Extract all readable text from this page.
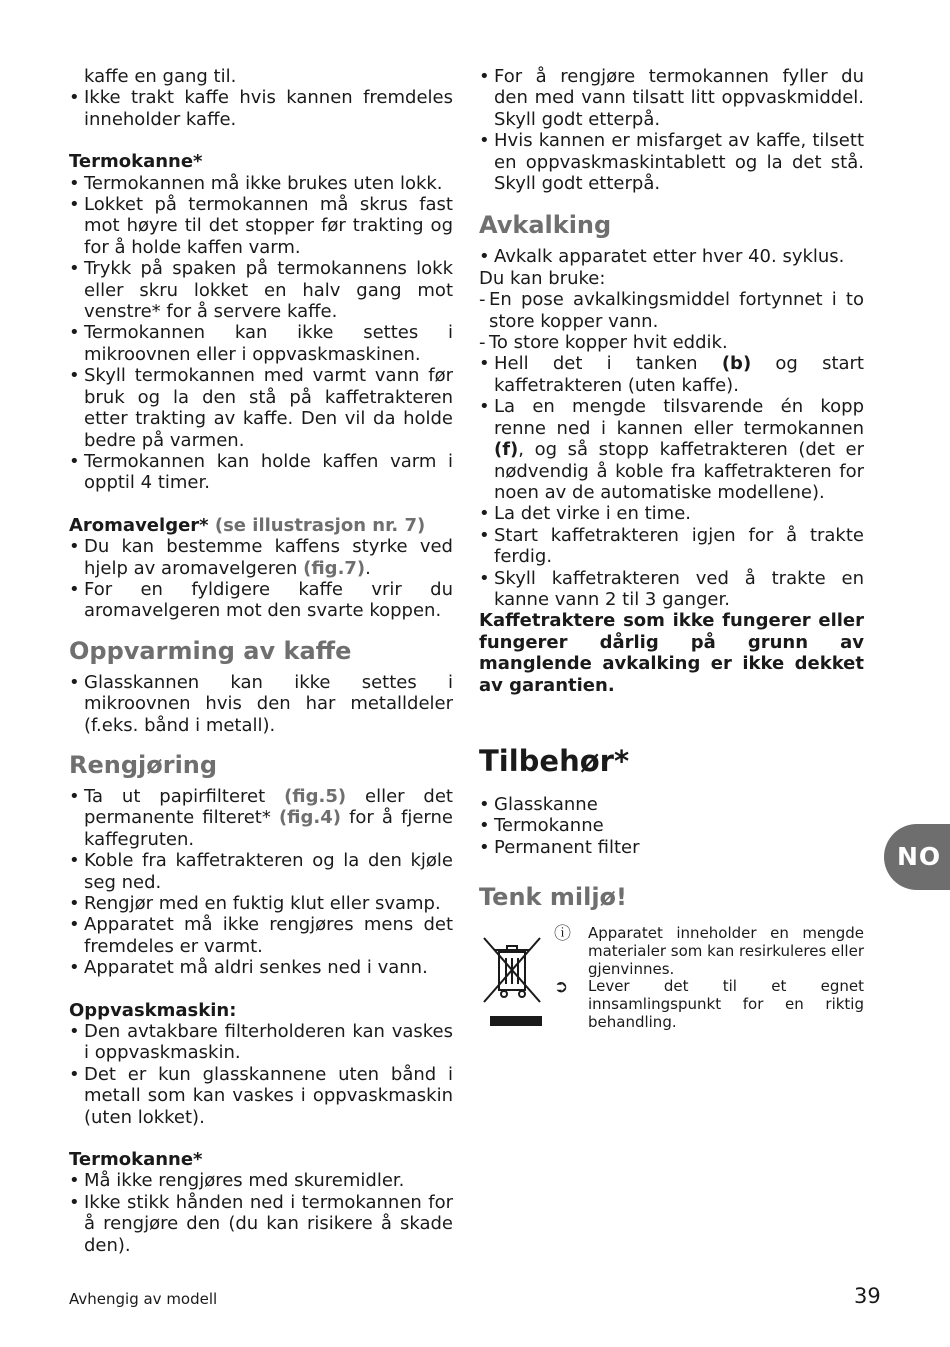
kaffe en gang til.

• Ikke trakt kaffe hvis kannen fremdeles inneholder kaffe.

Termokanne*

• Termokannen må ikke brukes uten lokk.
• Lokket på termokannen må skrus fast mot høyre til det stopper før trakting og for å holde kaffen varm.
• Trykk på spaken på termokannens lokk eller skru lokket en halv gang mot venstre* for å servere kaffe.
• Termokannen kan ikke settes i mikroovnen eller i oppvaskmaskinen.
• Skyll termokannen med varmt vann før bruk og la den stå på kaffetrakteren etter trakting av kaffe. Den vil da holde bedre på varmen.
• Termokannen kan holde kaffen varm i opptil 4 timer.

Aromavelger* (se illustrasjon nr. 7)

• Du kan bestemme kaffens styrke ved hjelp av aromavelgeren (fig.7).
• For en fyldigere kaffe vrir du aromavelgeren mot den svarte koppen.
Oppvarming av kaffe
• Glasskannen kan ikke settes i mikroovnen hvis den har metalldeler (f.eks. bånd i metall).
Rengjøring
• Ta ut papirfilteret (fig.5) eller det permanente filteret* (fig.4) for å fjerne kaffegruten.
• Koble fra kaffetrakteren og la den kjøle seg ned.
• Rengjør med en fuktig klut eller svamp.
• Apparatet må ikke rengjøres mens det fremdeles er varmt.
• Apparatet må aldri senkes ned i vann.

Oppvaskmaskin:

• Den avtakbare filterholderen kan vaskes i oppvaskmaskin.
• Det er kun glasskannene uten bånd i metall som kan vaskes i oppvaskmaskin (uten lokket).

Termokanne*

• Må ikke rengjøres med skuremidler.
• Ikke stikk hånden ned i termokannen for å rengjøre den (du kan risikere å skade den).
• For å rengjøre termokannen fyller du den med vann tilsatt litt oppvaskmiddel. Skyll godt etterpå.
• Hvis kannen er misfarget av kaffe, tilsett en oppvaskmaskintablett og la det stå. Skyll godt etterpå.
Avkalking
• Avkalk apparatet etter hver 40. syklus.

Du kan bruke:

- En pose avkalkingsmiddel fortynnet i to store kopper vann.
- To store kopper hvit eddik.
• Hell det i tanken (b) og start kaffetrakteren (uten kaffe).
• La en mengde tilsvarende én kopp renne ned i kannen eller termokannen (f), og så stopp kaffetrakteren (det er nødvendig å koble fra kaffetrakteren for noen av de automatiske modellene).
• La det virke i en time.
• Start kaffetrakteren igjen for å trakte ferdig.
• Skyll kaffetrakteren ved å trakte en kanne vann 2 til 3 ganger.

Kaffetraktere som ikke fungerer eller fungerer dårlig på grunn av manglende avkalking er ikke dekket av garantien.

Tilbehør*
• Glasskanne
• Termokanne
• Permanent filter
Tenk miljø!
ⓘ Apparatet inneholder en mengde materialer som kan resirkuleres eller gjenvinnes.
➲ Lever det til et egnet innsamlingspunkt for en riktig behandling.
NO
Avhengig av modell	39
